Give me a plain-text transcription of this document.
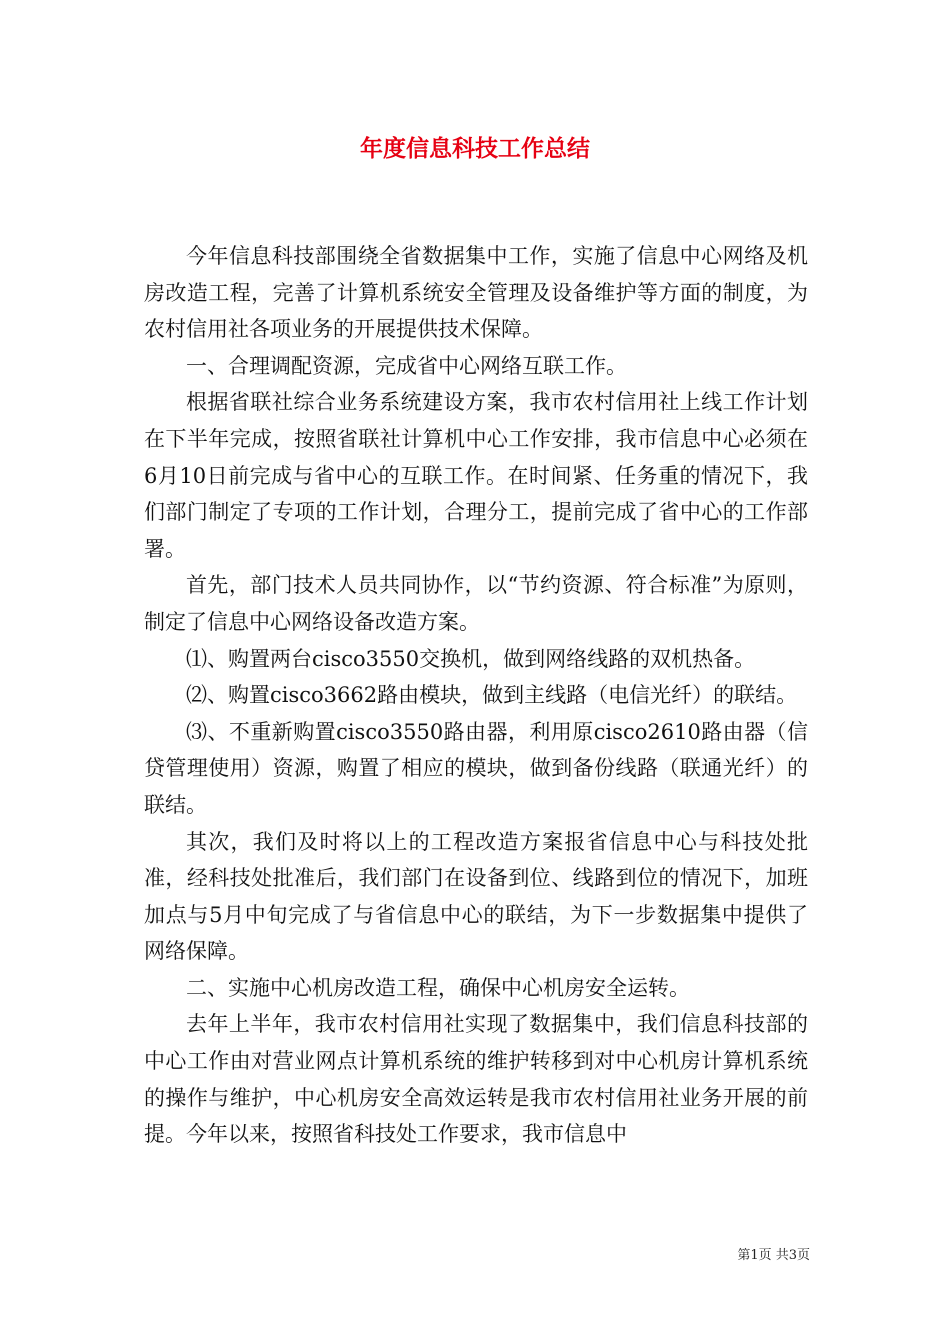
年度信息科技工作总结

今年信息科技部围绕全省数据集中工作，实施了信息中心网络及机房改造工程，完善了计算机系统安全管理及设备维护等方面的制度，为农村信用社各项业务的开展提供技术保障。

一、合理调配资源，完成省中心网络互联工作。

根据省联社综合业务系统建设方案，我市农村信用社上线工作计划在下半年完成，按照省联社计算机中心工作安排，我市信息中心必须在6月10日前完成与省中心的互联工作。在时间紧、任务重的情况下，我们部门制定了专项的工作计划，合理分工，提前完成了省中心的工作部署。

首先，部门技术人员共同协作，以“节约资源、符合标准”为原则，制定了信息中心网络设备改造方案。

⑴、购置两台cisco3550交换机，做到网络线路的双机热备。

⑵、购置cisco3662路由模块，做到主线路（电信光纤）的联结。

⑶、不重新购置cisco3550路由器，利用原cisco2610路由器（信贷管理使用）资源，购置了相应的模块，做到备份线路（联通光纤）的联结。

其次，我们及时将以上的工程改造方案报省信息中心与科技处批准，经科技处批准后，我们部门在设备到位、线路到位的情况下，加班加点与5月中旬完成了与省信息中心的联结，为下一步数据集中提供了网络保障。

二、实施中心机房改造工程，确保中心机房安全运转。

去年上半年，我市农村信用社实现了数据集中，我们信息科技部的中心工作由对营业网点计算机系统的维护转移到对中心机房计算机系统的操作与维护，中心机房安全高效运转是我市农村信用社业务开展的前提。今年以来，按照省科技处工作要求，我市信息中

第1页 共3页
